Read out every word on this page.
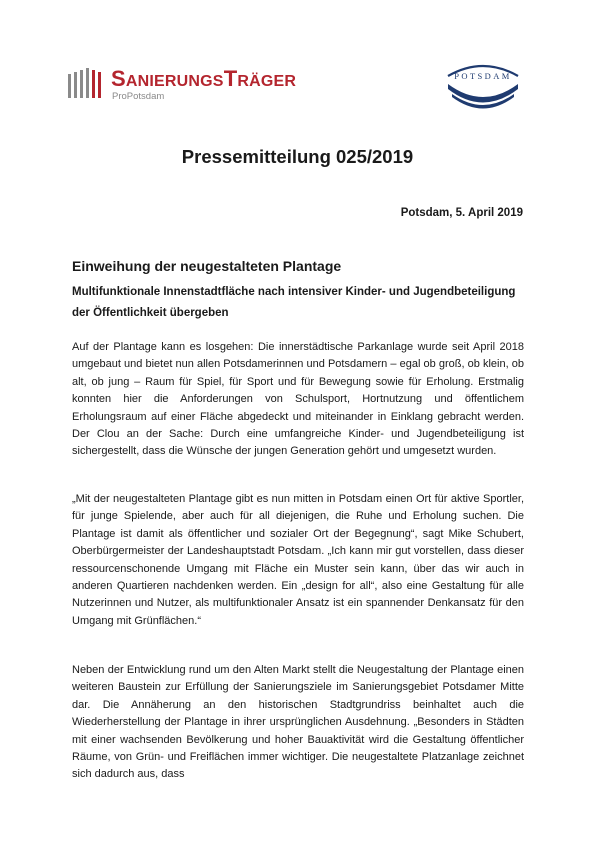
SANIERUNGSTRÄGER
ProPotsdam
POTSDAM
Pressemitteilung 025/2019
Potsdam, 5. April 2019
Einweihung der neugestalteten Plantage
Multifunktionale Innenstadtfläche nach intensiver Kinder- und Jugendbeteiligung der Öffentlichkeit übergeben
Auf der Plantage kann es losgehen: Die innerstädtische Parkanlage wurde seit April 2018 umgebaut und bietet nun allen Potsdamerinnen und Potsdamern – egal ob groß, ob klein, ob alt, ob jung – Raum für Spiel, für Sport und für Bewegung sowie für Erholung. Erstmalig konnten hier die Anforderungen von Schulsport, Hortnutzung und öffentlichem Erholungsraum auf einer Fläche abgedeckt und miteinander in Einklang gebracht werden. Der Clou an der Sache: Durch eine umfangreiche Kinder- und Jugendbeteiligung ist sichergestellt, dass die Wünsche der jungen Generation gehört und umgesetzt wurden.
„Mit der neugestalteten Plantage gibt es nun mitten in Potsdam einen Ort für aktive Sportler, für junge Spielende, aber auch für all diejenigen, die Ruhe und Erholung suchen. Die Plantage ist damit als öffentlicher und sozialer Ort der Begegnung“, sagt Mike Schubert, Oberbürgermeister der Landeshauptstadt Potsdam. „Ich kann mir gut vorstellen, dass dieser ressourcenschonende Umgang mit Fläche ein Muster sein kann, über das wir auch in anderen Quartieren nachdenken werden. Ein „design for all“, also eine Gestaltung für alle Nutzerinnen und Nutzer, als multifunktionaler Ansatz ist ein spannender Denkansatz für den Umgang mit Grünflächen.“
Neben der Entwicklung rund um den Alten Markt stellt die Neugestaltung der Plantage einen weiteren Baustein zur Erfüllung der Sanierungsziele im Sanierungsgebiet Potsdamer Mitte dar. Die Annäherung an den historischen Stadtgrundriss beinhaltet auch die Wiederherstellung der Plantage in ihrer ursprünglichen Ausdehnung. „Besonders in Städten mit einer wachsenden Bevölkerung und hoher Bauaktivität wird die Gestaltung öffentlicher Räume, von Grün- und Freiflächen immer wichtiger. Die neugestaltete Platzanlage zeichnet sich dadurch aus, dass
